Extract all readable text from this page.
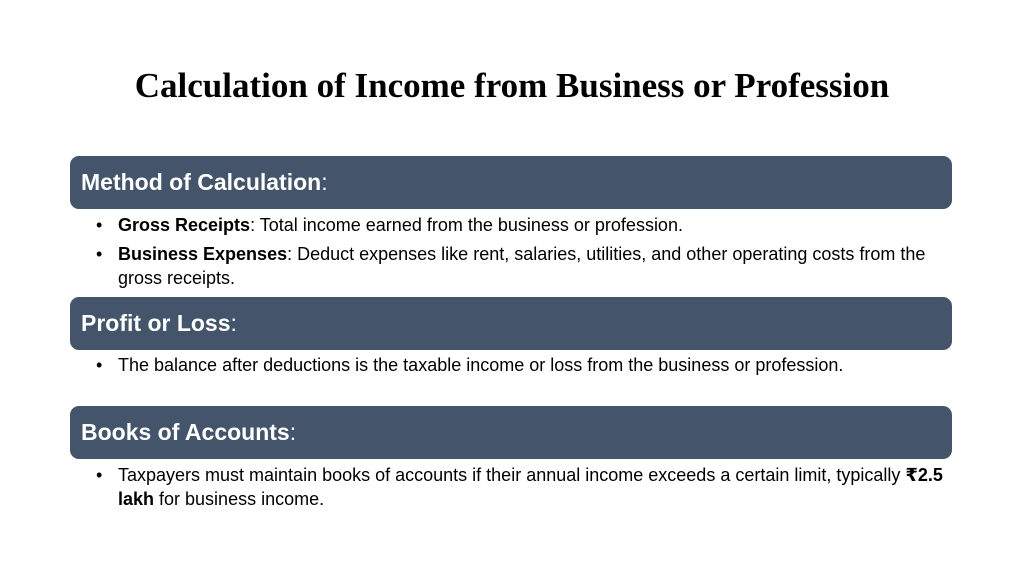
Calculation of Income from Business or Profession
Method of Calculation :
• Gross Receipts: Total income earned from the business or profession.
• Business Expenses: Deduct expenses like rent, salaries, utilities, and other operating costs from the gross receipts.
Profit or Loss :
• The balance after deductions is the taxable income or loss from the business or profession.
Books of Accounts :
• Taxpayers must maintain books of accounts if their annual income exceeds a certain limit, typically ₹2.5 lakh for business income.
